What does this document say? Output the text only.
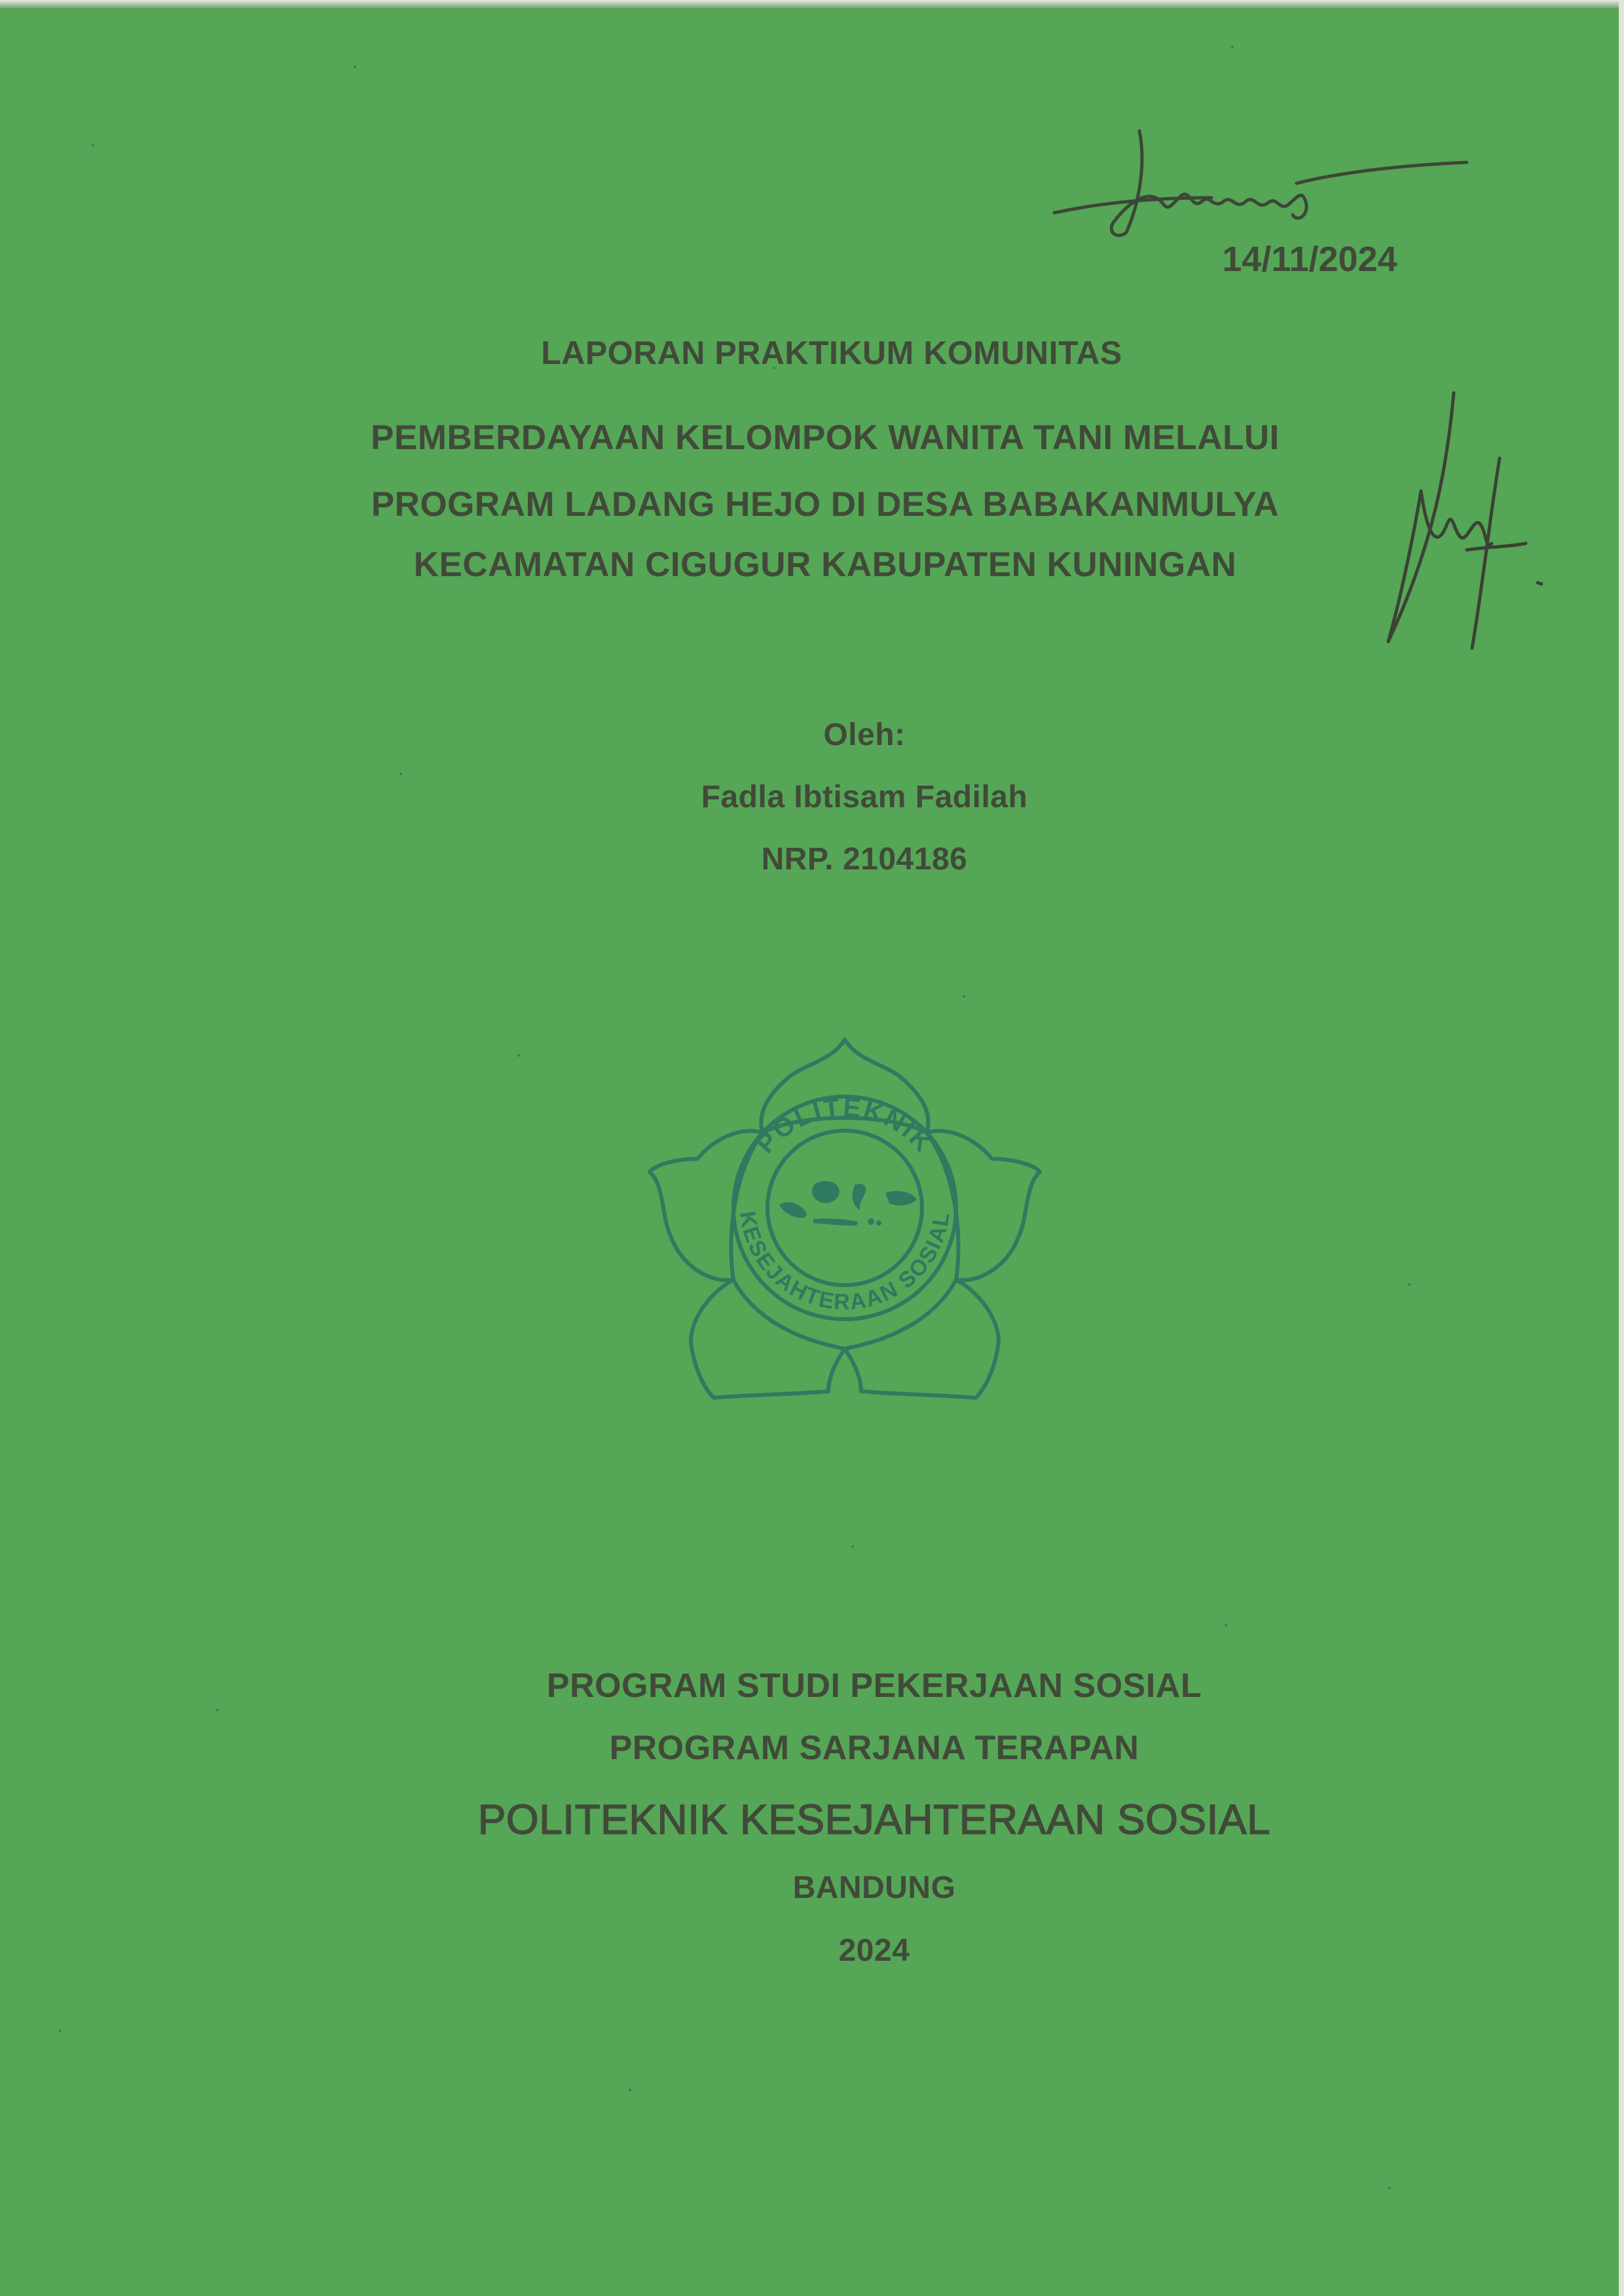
14/11/2024
LAPORAN PRAKTIKUM KOMUNITAS
PEMBERDAYAAN KELOMPOK WANITA TANI MELALUI
PROGRAM LADANG HEJO DI DESA BABAKANMULYA
KECAMATAN CIGUGUR KABUPATEN KUNINGAN
Oleh:
Fadla Ibtisam Fadilah
NRP. 2104186
POLITEKNIK
KESEJAHTERAAN SOSIAL
PROGRAM STUDI PEKERJAAN SOSIAL
PROGRAM SARJANA TERAPAN
POLITEKNIK KESEJAHTERAAN SOSIAL
BANDUNG
2024
